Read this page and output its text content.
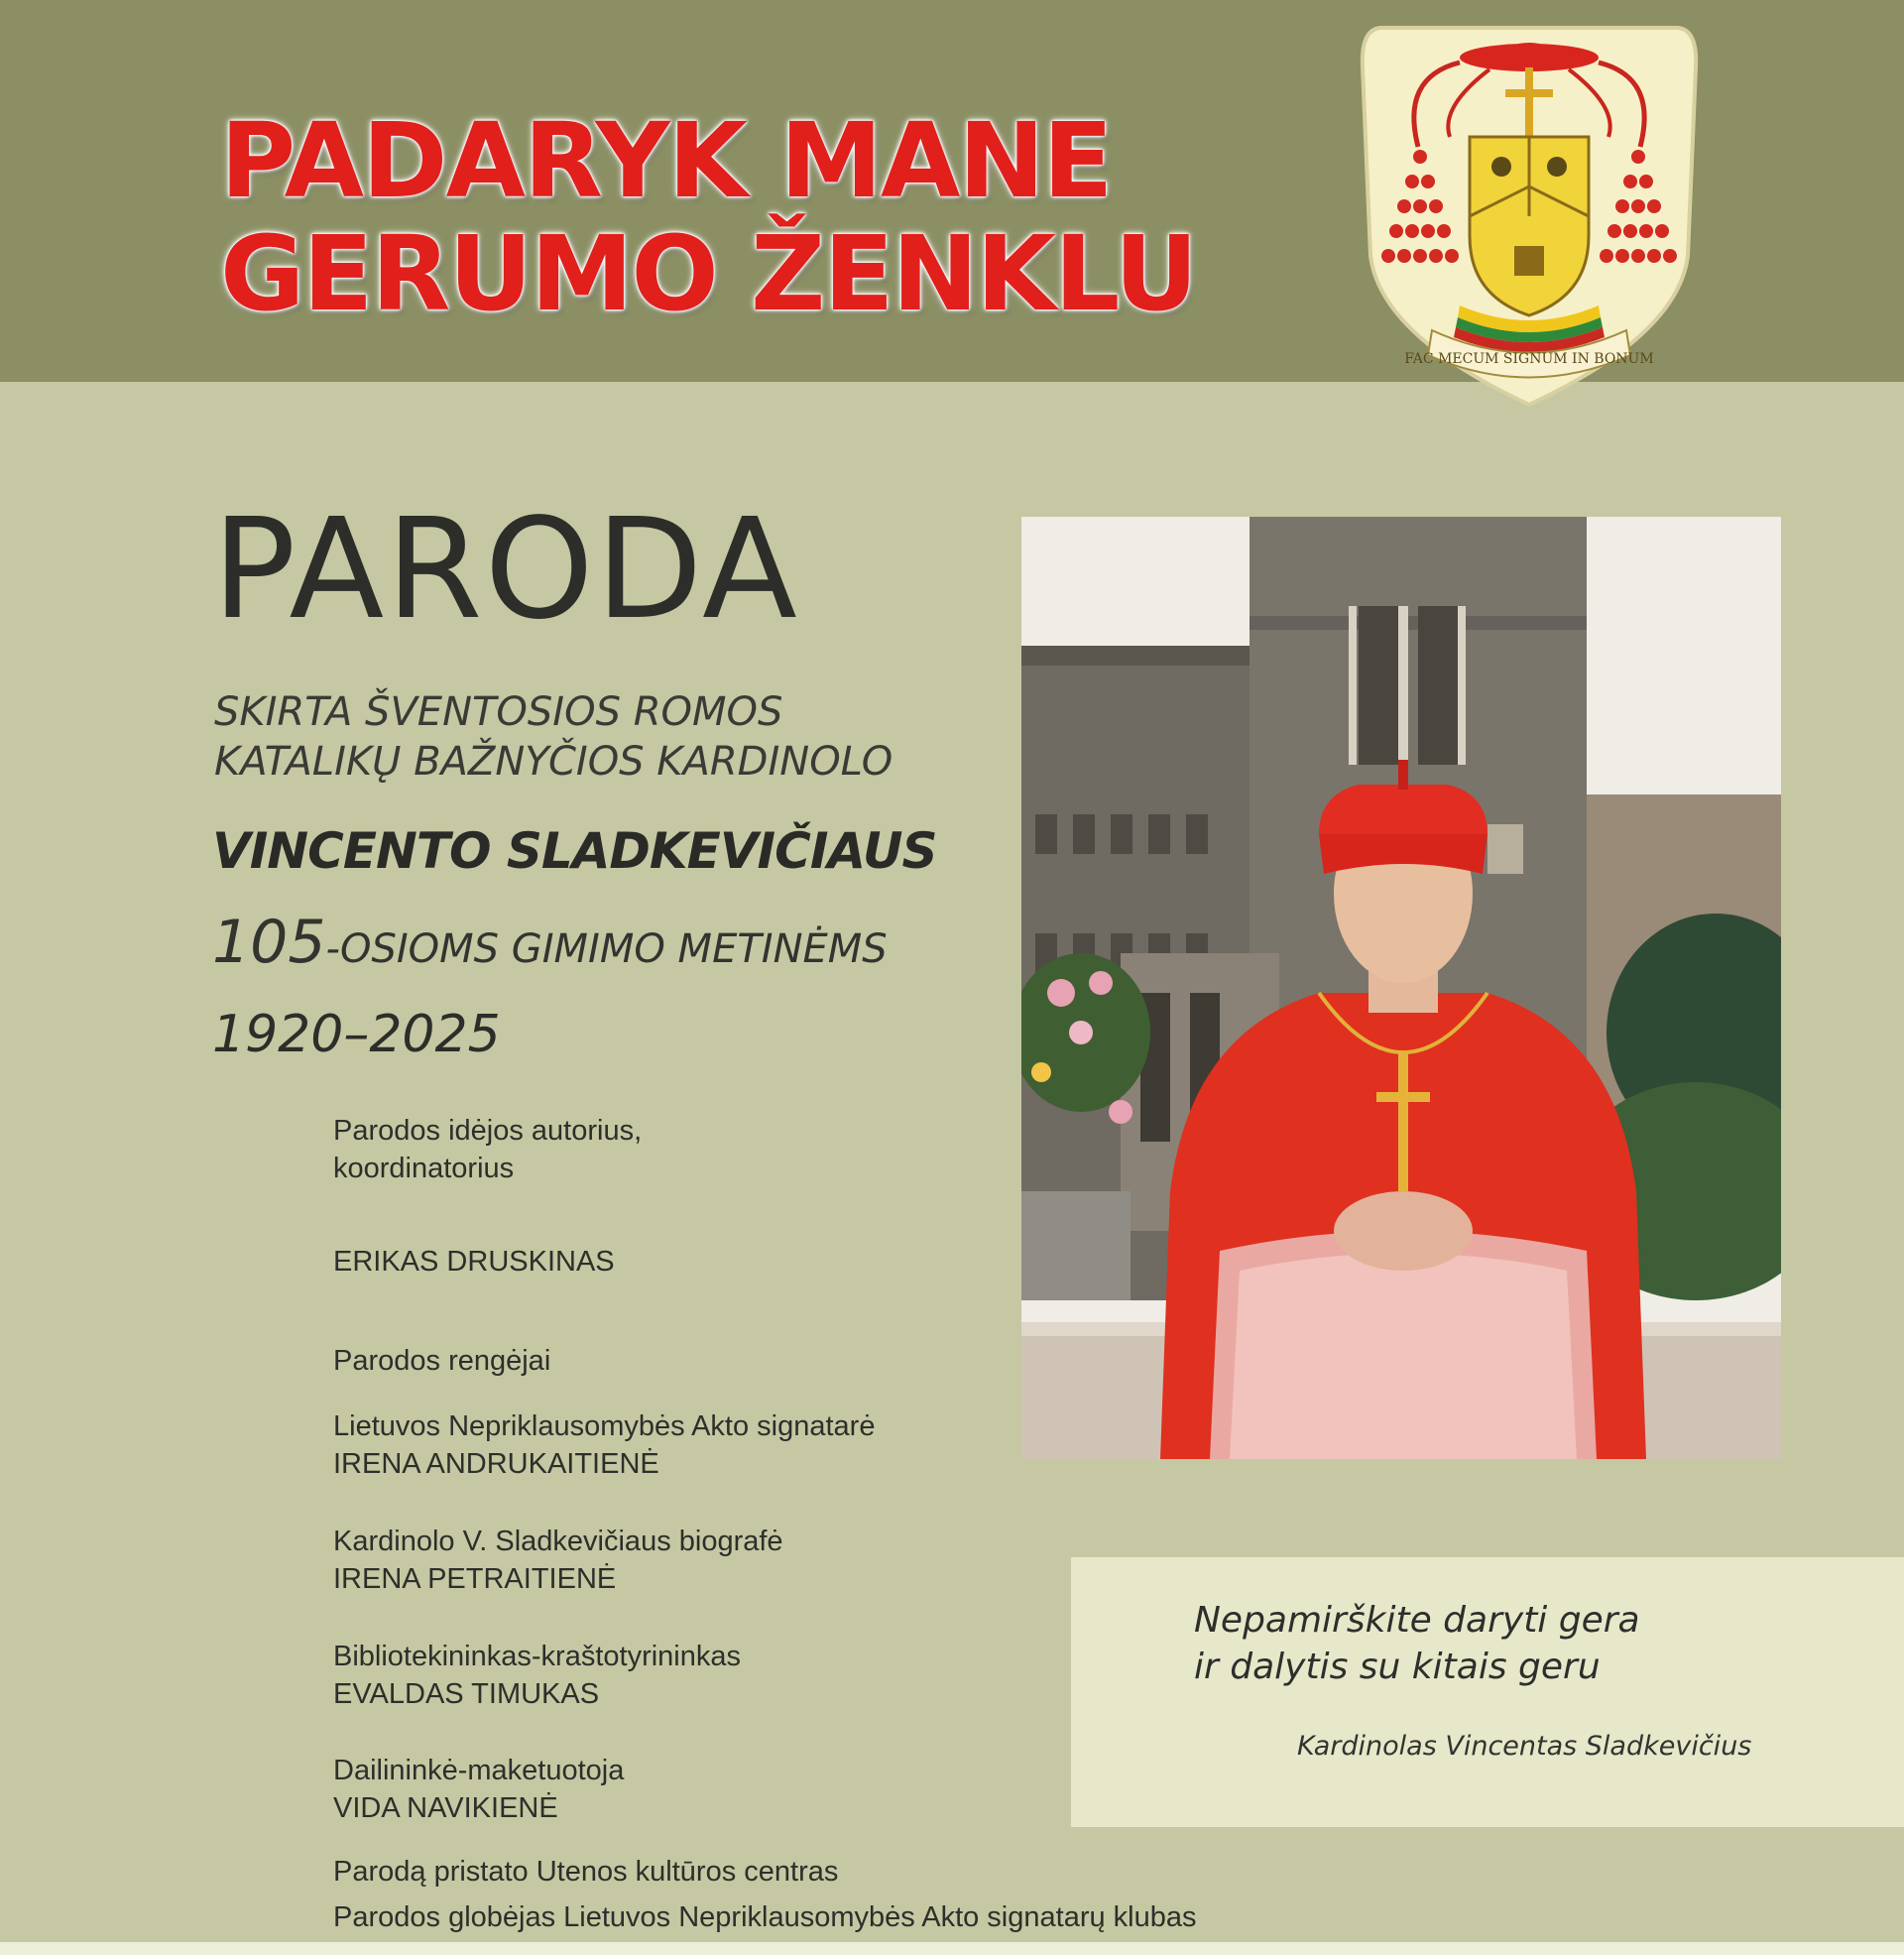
PADARYK MANE
GERUMO ŽENKLU
FAC MECUM SIGNUM IN BONUM
PARODA
SKIRTA ŠVENTOSIOS ROMOS
KATALIKŲ BAŽNYČIOS KARDINOLO
VINCENTO SLADKEVIČIAUS
105-OSIOMS GIMIMO METINĖMS
1920–2025
Parodos idėjos autorius,
koordinatorius
ERIKAS DRUSKINAS
Parodos rengėjai
Lietuvos Nepriklausomybės Akto signatarė
IRENA ANDRUKAITIENĖ
Kardinolo V. Sladkevičiaus biografė
IRENA PETRAITIENĖ
Bibliotekininkas-kraštotyrininkas
EVALDAS TIMUKAS
Dailininkė-maketuotoja
VIDA NAVIKIENĖ
Parodą pristato Utenos kultūros centras
Parodos globėjas Lietuvos Nepriklausomybės Akto signatarų klubas
Nepamirškite daryti gera
ir dalytis su kitais geru
Kardinolas Vincentas Sladkevičius
